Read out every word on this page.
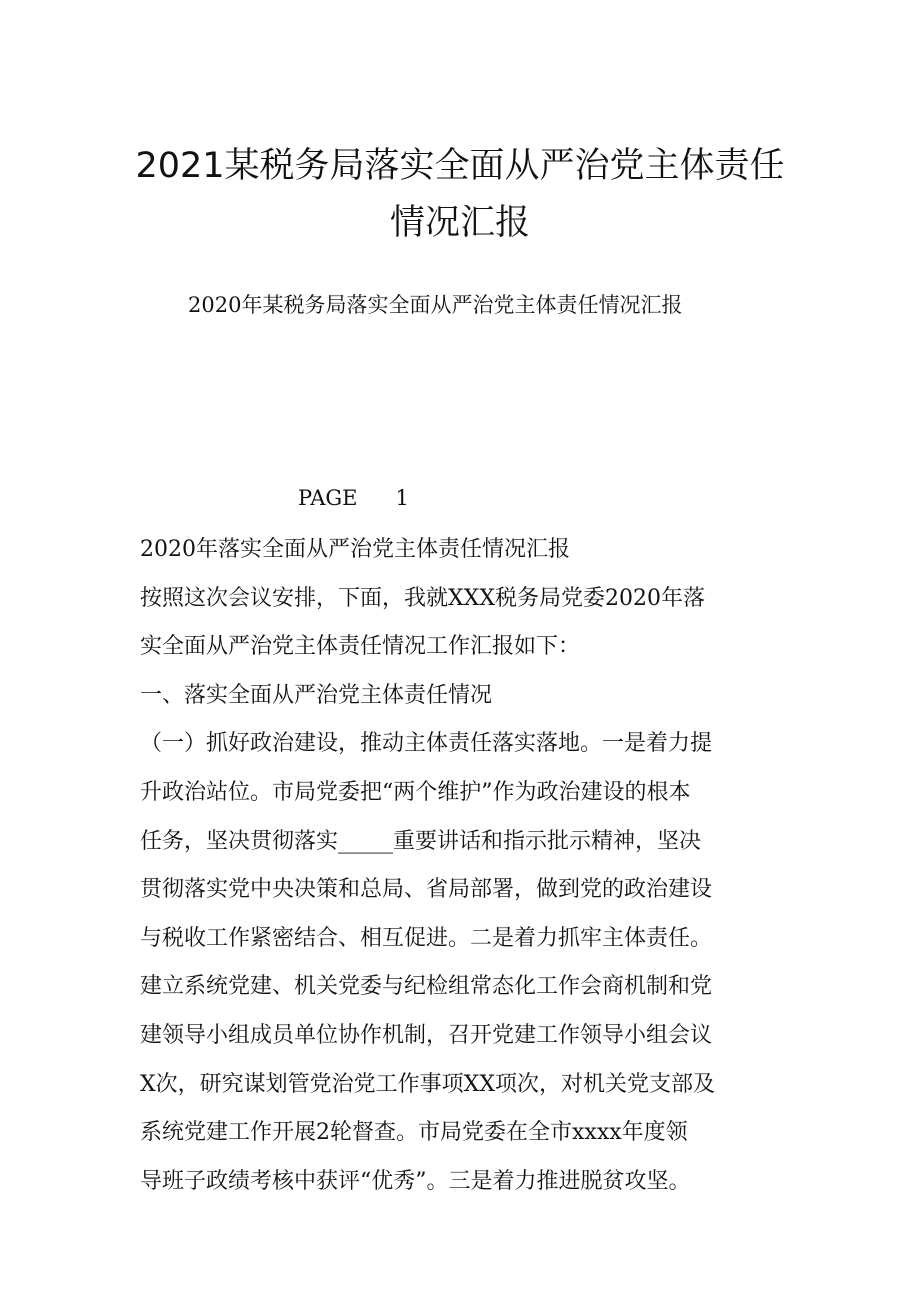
2021某税务局落实全面从严治党主体责任
情况汇报
2020年某税务局落实全面从严治党主体责任情况汇报
PAGE 1
2020年落实全面从严治党主体责任情况汇报
按照这次会议安排，下面，我就XXX税务局党委2020年落
实全面从严治党主体责任情况工作汇报如下：
一、落实全面从严治党主体责任情况
（一）抓好政治建设，推动主体责任落实落地。一是着力提
升政治站位。市局党委把“两个维护”作为政治建设的根本
任务，坚决贯彻落实_____重要讲话和指示批示精神，坚决
贯彻落实党中央决策和总局、省局部署，做到党的政治建设
与税收工作紧密结合、相互促进。二是着力抓牢主体责任。
建立系统党建、机关党委与纪检组常态化工作会商机制和党
建领导小组成员单位协作机制，召开党建工作领导小组会议
X次，研究谋划管党治党工作事项XX项次，对机关党支部及
系统党建工作开展2轮督查。市局党委在全市xxxx年度领
导班子政绩考核中获评“优秀”。三是着力推进脱贫攻坚。
